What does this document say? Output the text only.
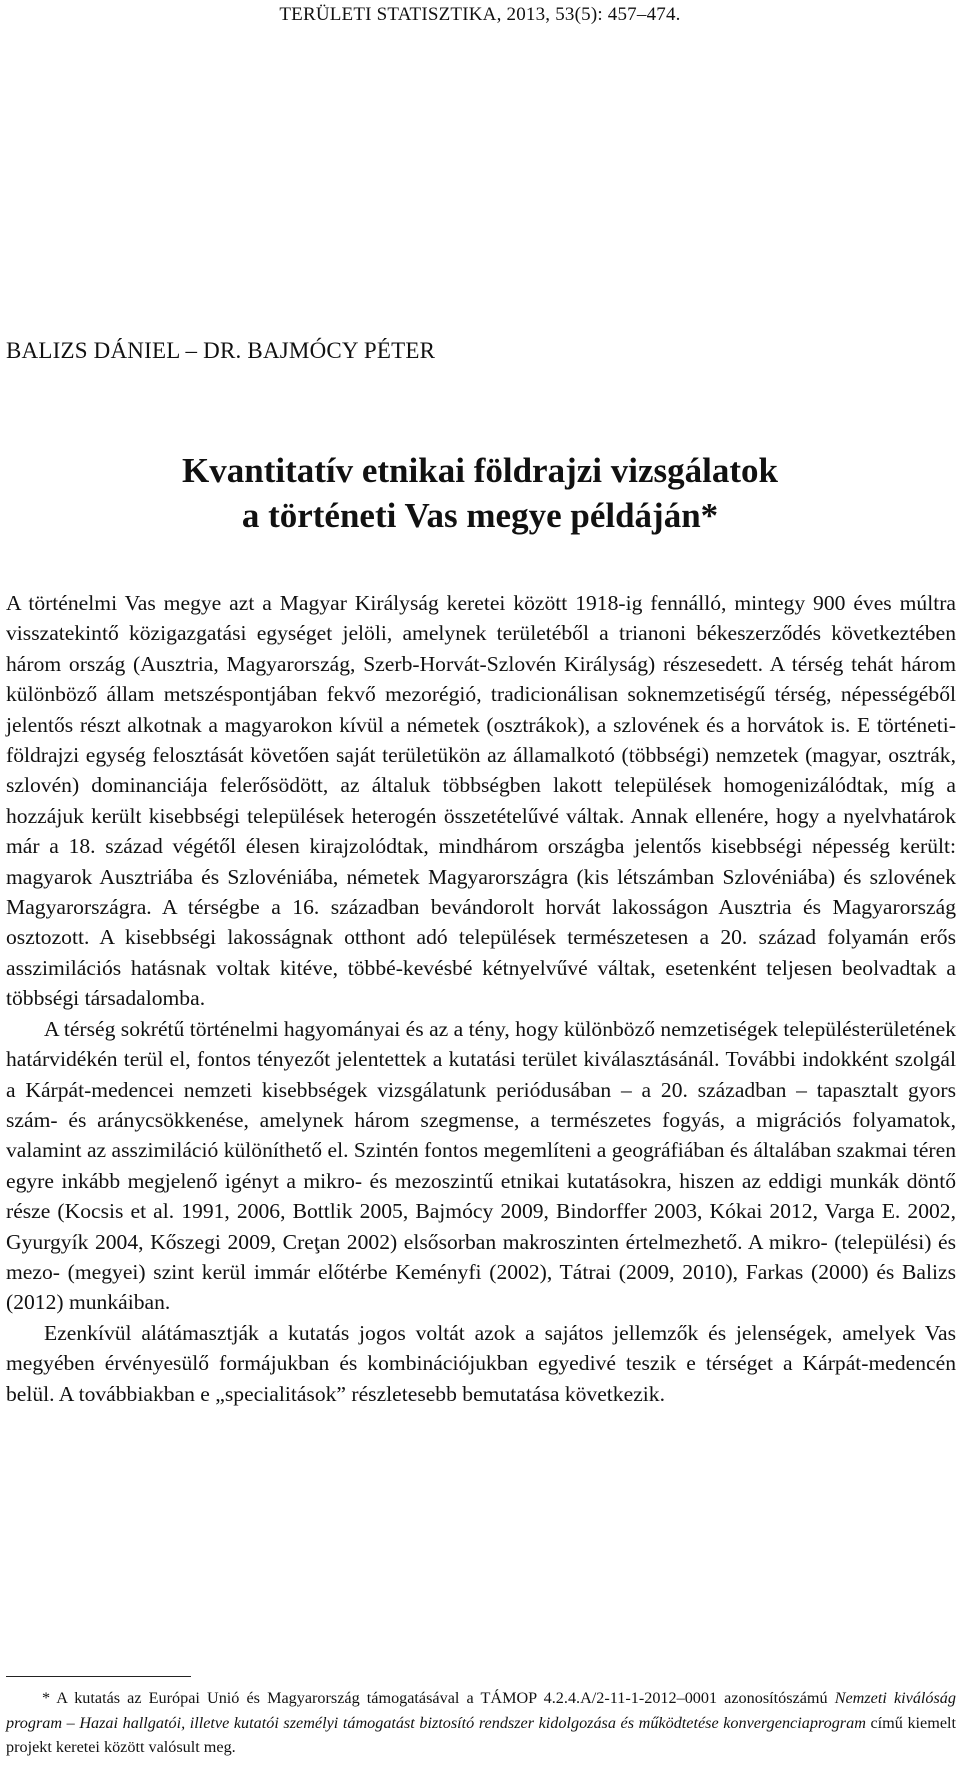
TERÜLETI STATISZTIKA, 2013, 53(5): 457–474.
BALIZS DÁNIEL – DR. BAJMÓCY PÉTER
Kvantitatív etnikai földrajzi vizsgálatok
a történeti Vas megye példáján*

A történelmi Vas megye azt a Magyar Királyság keretei között 1918-ig fennálló, mintegy 900 éves múltra visszatekintő közigazgatási egységet jelöli, amelynek területéből a trianoni békeszerződés következtében három ország (Ausztria, Magyarország, Szerb-Horvát-Szlovén Királyság) részesedett. A térség tehát három különböző állam metszéspontjában fekvő mezorégió, tradicionálisan soknemzetiségű térség, népességéből jelentős részt alkotnak a magyarokon kívül a németek (osztrákok), a szlovének és a horvátok is. E történeti-földrajzi egység felosztását követően saját területükön az államalkotó (többségi) nemzetek (magyar, osztrák, szlovén) dominanciája felerősödött, az általuk többségben lakott települések homogenizálódtak, míg a hozzájuk került kisebbségi települések heterogén összetételűvé váltak. Annak ellenére, hogy a nyelvhatárok már a 18. század végétől élesen kirajzolódtak, mindhárom országba jelentős kisebbségi népesség került: magyarok Ausztriába és Szlovéniába, németek Magyarországra (kis létszámban Szlovéniába) és szlovének Magyarországra. A térségbe a 16. században bevándorolt horvát lakosságon Ausztria és Magyarország osztozott. A kisebbségi lakosságnak otthont adó települések természetesen a 20. század folyamán erős asszimilációs hatásnak voltak kitéve, többé-kevésbé kétnyelvűvé váltak, esetenként teljesen beolvadtak a többségi társadalomba.

A térség sokrétű történelmi hagyományai és az a tény, hogy különböző nemzetiségek településterületének határvidékén terül el, fontos tényezőt jelentettek a kutatási terület kiválasztásánál. További indokként szolgál a Kárpát-medencei nemzeti kisebbségek vizsgálatunk periódusában – a 20. században – tapasztalt gyors szám- és aránycsökkenése, amelynek három szegmense, a természetes fogyás, a migrációs folyamatok, valamint az asszimiláció különíthető el. Szintén fontos megemlíteni a geográfiában és általában szakmai téren egyre inkább megjelenő igényt a mikro- és mezoszintű etnikai kutatásokra, hiszen az eddigi munkák döntő része (Kocsis et al. 1991, 2006, Bottlik 2005, Bajmócy 2009, Bindorffer 2003, Kókai 2012, Varga E. 2002, Gyurgyík 2004, Kőszegi 2009, Creţan 2002) elsősorban makroszinten értelmezhető. A mikro- (települési) és mezo- (megyei) szint kerül immár előtérbe Keményfi (2002), Tátrai (2009, 2010), Farkas (2000) és Balizs (2012) munkáiban.

Ezenkívül alátámasztják a kutatás jogos voltát azok a sajátos jellemzők és jelenségek, amelyek Vas megyében érvényesülő formájukban és kombinációjukban egyedivé teszik e térséget a Kárpát-medencén belül. A továbbiakban e „specialitások” részletesebb bemutatása következik.

* A kutatás az Európai Unió és Magyarország támogatásával a TÁMOP 4.2.4.A/2-11-1-2012‒0001 azonosítószámú Nemzeti kiválóság program – Hazai hallgatói, illetve kutatói személyi támogatást biztosító rendszer kidolgozása és működtetése konvergenciaprogram című kiemelt projekt keretei között valósult meg.
